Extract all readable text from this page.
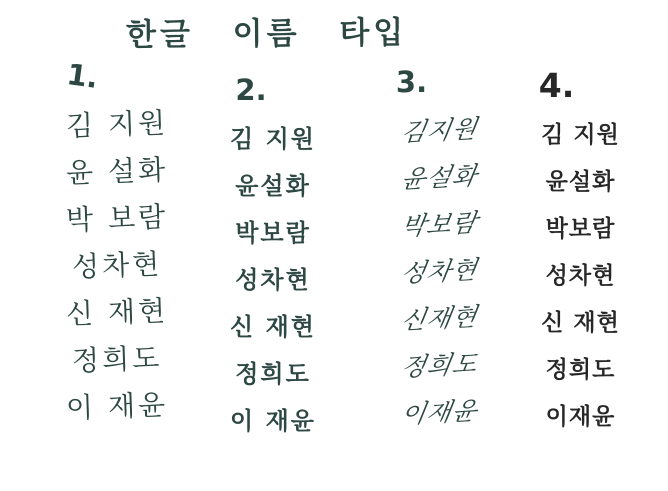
한글 이름 타입
1.
김 지원
윤 설화
박 보람
성차현
신 재현
정희도
이 재윤
2.
김 지원
윤설화
박보람
성차현
신 재현
정희도
이 재윤
3.
김지원
윤설화
박보람
성차현
신재현
정희도
이재윤
4.
김 지원
윤설화
박보람
성차현
신 재현
정희도
이재윤
